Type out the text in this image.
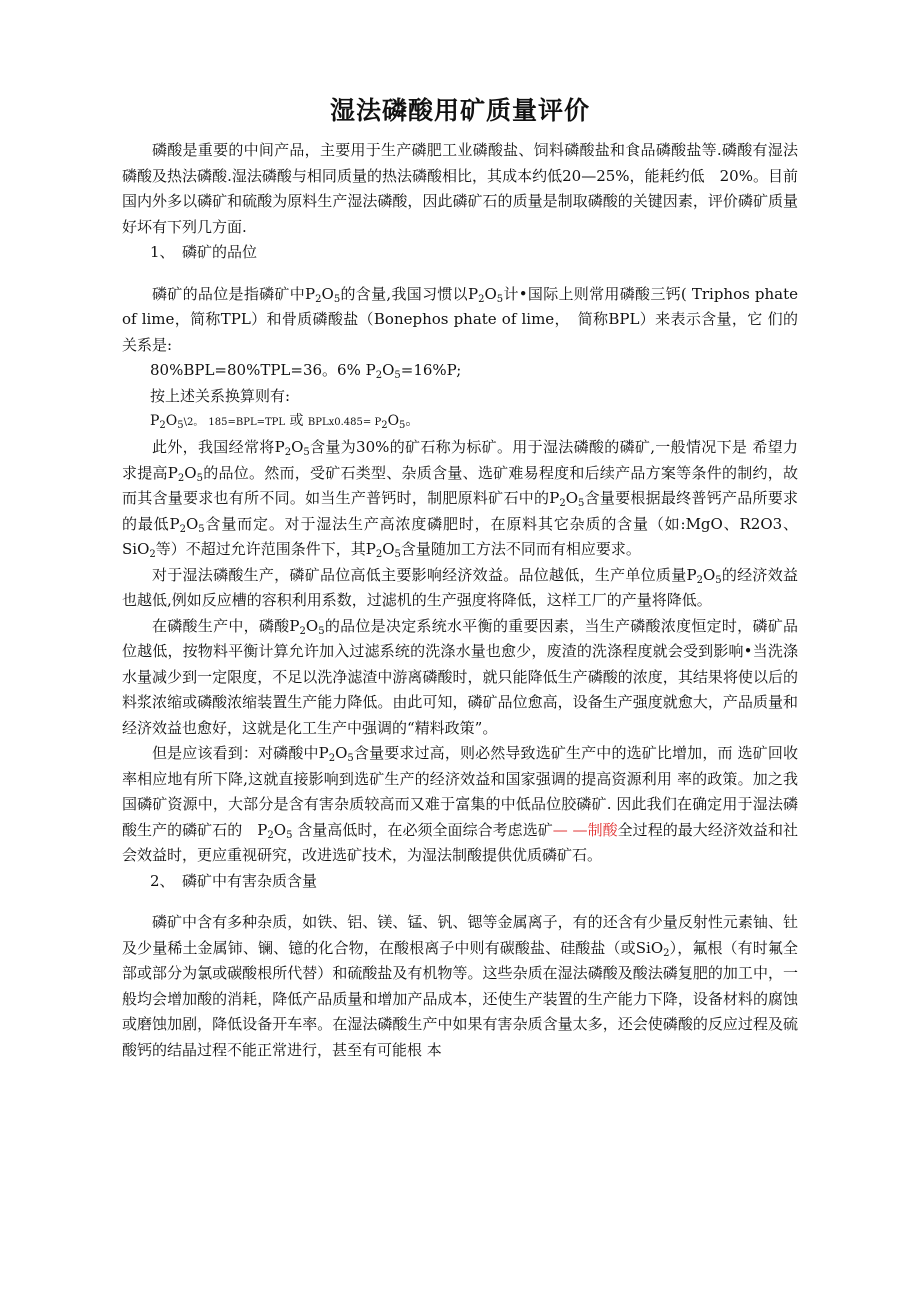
湿法磷酸用矿质量评价

磷酸是重要的中间产品，主要用于生产磷肥工业磷酸盐、饲料磷酸盐和食品磷酸盐等.磷酸有湿法磷酸及热法磷酸.湿法磷酸与相同质量的热法磷酸相比，其成本约低20—25%，能耗约低　20%。目前国内外多以磷矿和硫酸为原料生产湿法磷酸，因此磷矿石的质量是制取磷酸的关键因素，评价磷矿质量好坏有下列几方面.

1、　磷矿的品位

磷矿的品位是指磷矿中$P_2O_5$的含量,我国习惯以$P_2O_5$计•国际上则常用磷酸三钙( Triphos phate of lime，简称TPL）和骨质磷酸盐（Bonephos phate of lime，　简称BPL）来表示含量，它 们的关系是:

80%BPL=80%TPL=36。6% $P_2O_5=16\%P$;

按上述关系换算则有:

$P_2O_5\backslash 2$。　185=BPL=TPL 或 BPLx0.485= $P_2O_5$。

此外，我国经常将$P_2O_5$含量为30%的矿石称为标矿。用于湿法磷酸的磷矿,一般情况下是 希望力求提高$P_2O_5$的品位。然而，受矿石类型、杂质含量、选矿难易程度和后续产品方案等条件的制约，故而其含量要求也有所不同。如当生产普钙时，制肥原料矿石中的$P_2O_5$含量要根据最终普钙产品所要求的最低$P_2O_5$含量而定。对于湿法生产高浓度磷肥时，在原料其它杂质的含量（如:MgO、R2O3、SiO$_2$等）不超过允许范围条件下，其$P_2O_5$含量随加工方法不同而有相应要求。

对于湿法磷酸生产，磷矿品位高低主要影响经济效益。品位越低，生产单位质量$P_2O_5$的经济效益也越低,例如反应槽的容积利用系数，过滤机的生产强度将降低，这样工厂的产量将降低。

在磷酸生产中，磷酸$P_2O_5$的品位是决定系统水平衡的重要因素，当生产磷酸浓度恒定时，磷矿品位越低，按物料平衡计算允许加入过滤系统的洗涤水量也愈少，废渣的洗涤程度就会受到影响•当洗涤水量减少到一定限度，不足以洗净滤渣中游离磷酸时，就只能降低生产磷酸的浓度，其结果将使以后的料浆浓缩或磷酸浓缩装置生产能力降低。由此可知，磷矿品位愈高，设备生产强度就愈大，产品质量和经济效益也愈好，这就是化工生产中强调的“精料政策”。

但是应该看到：对磷酸中$P_2O_5$含量要求过高，则必然导致选矿生产中的选矿比增加，而 选矿回收率相应地有所下降,这就直接影响到选矿生产的经济效益和国家强调的提高资源利用 率的政策。加之我国磷矿资源中，大部分是含有害杂质较高而又难于富集的中低品位胶磷矿. 因此我们在确定用于湿法磷酸生产的磷矿石的　$P_2O_5$ 含量高低时，在必须全面综合考虑选矿— —制酸全过程的最大经济效益和社会效益时，更应重视研究，改进选矿技术，为湿法制酸提供优质磷矿石。

2、　磷矿中有害杂质含量

磷矿中含有多种杂质，如铁、铝、镁、锰、钒、锶等金属离子，有的还含有少量反射性元素铀、钍及少量稀土金属铈、镧、镱的化合物，在酸根离子中则有碳酸盐、硅酸盐（或SiO$_2$），氟根（有时氟全部或部分为氯或碳酸根所代替）和硫酸盐及有机物等。这些杂质在湿法磷酸及酸法磷复肥的加工中，一般均会增加酸的消耗，降低产品质量和增加产品成本，还使生产装置的生产能力下降，设备材料的腐蚀或磨蚀加剧，降低设备开车率。在湿法磷酸生产中如果有害杂质含量太多，还会使磷酸的反应过程及硫酸钙的结晶过程不能正常进行，甚至有可能根 本
